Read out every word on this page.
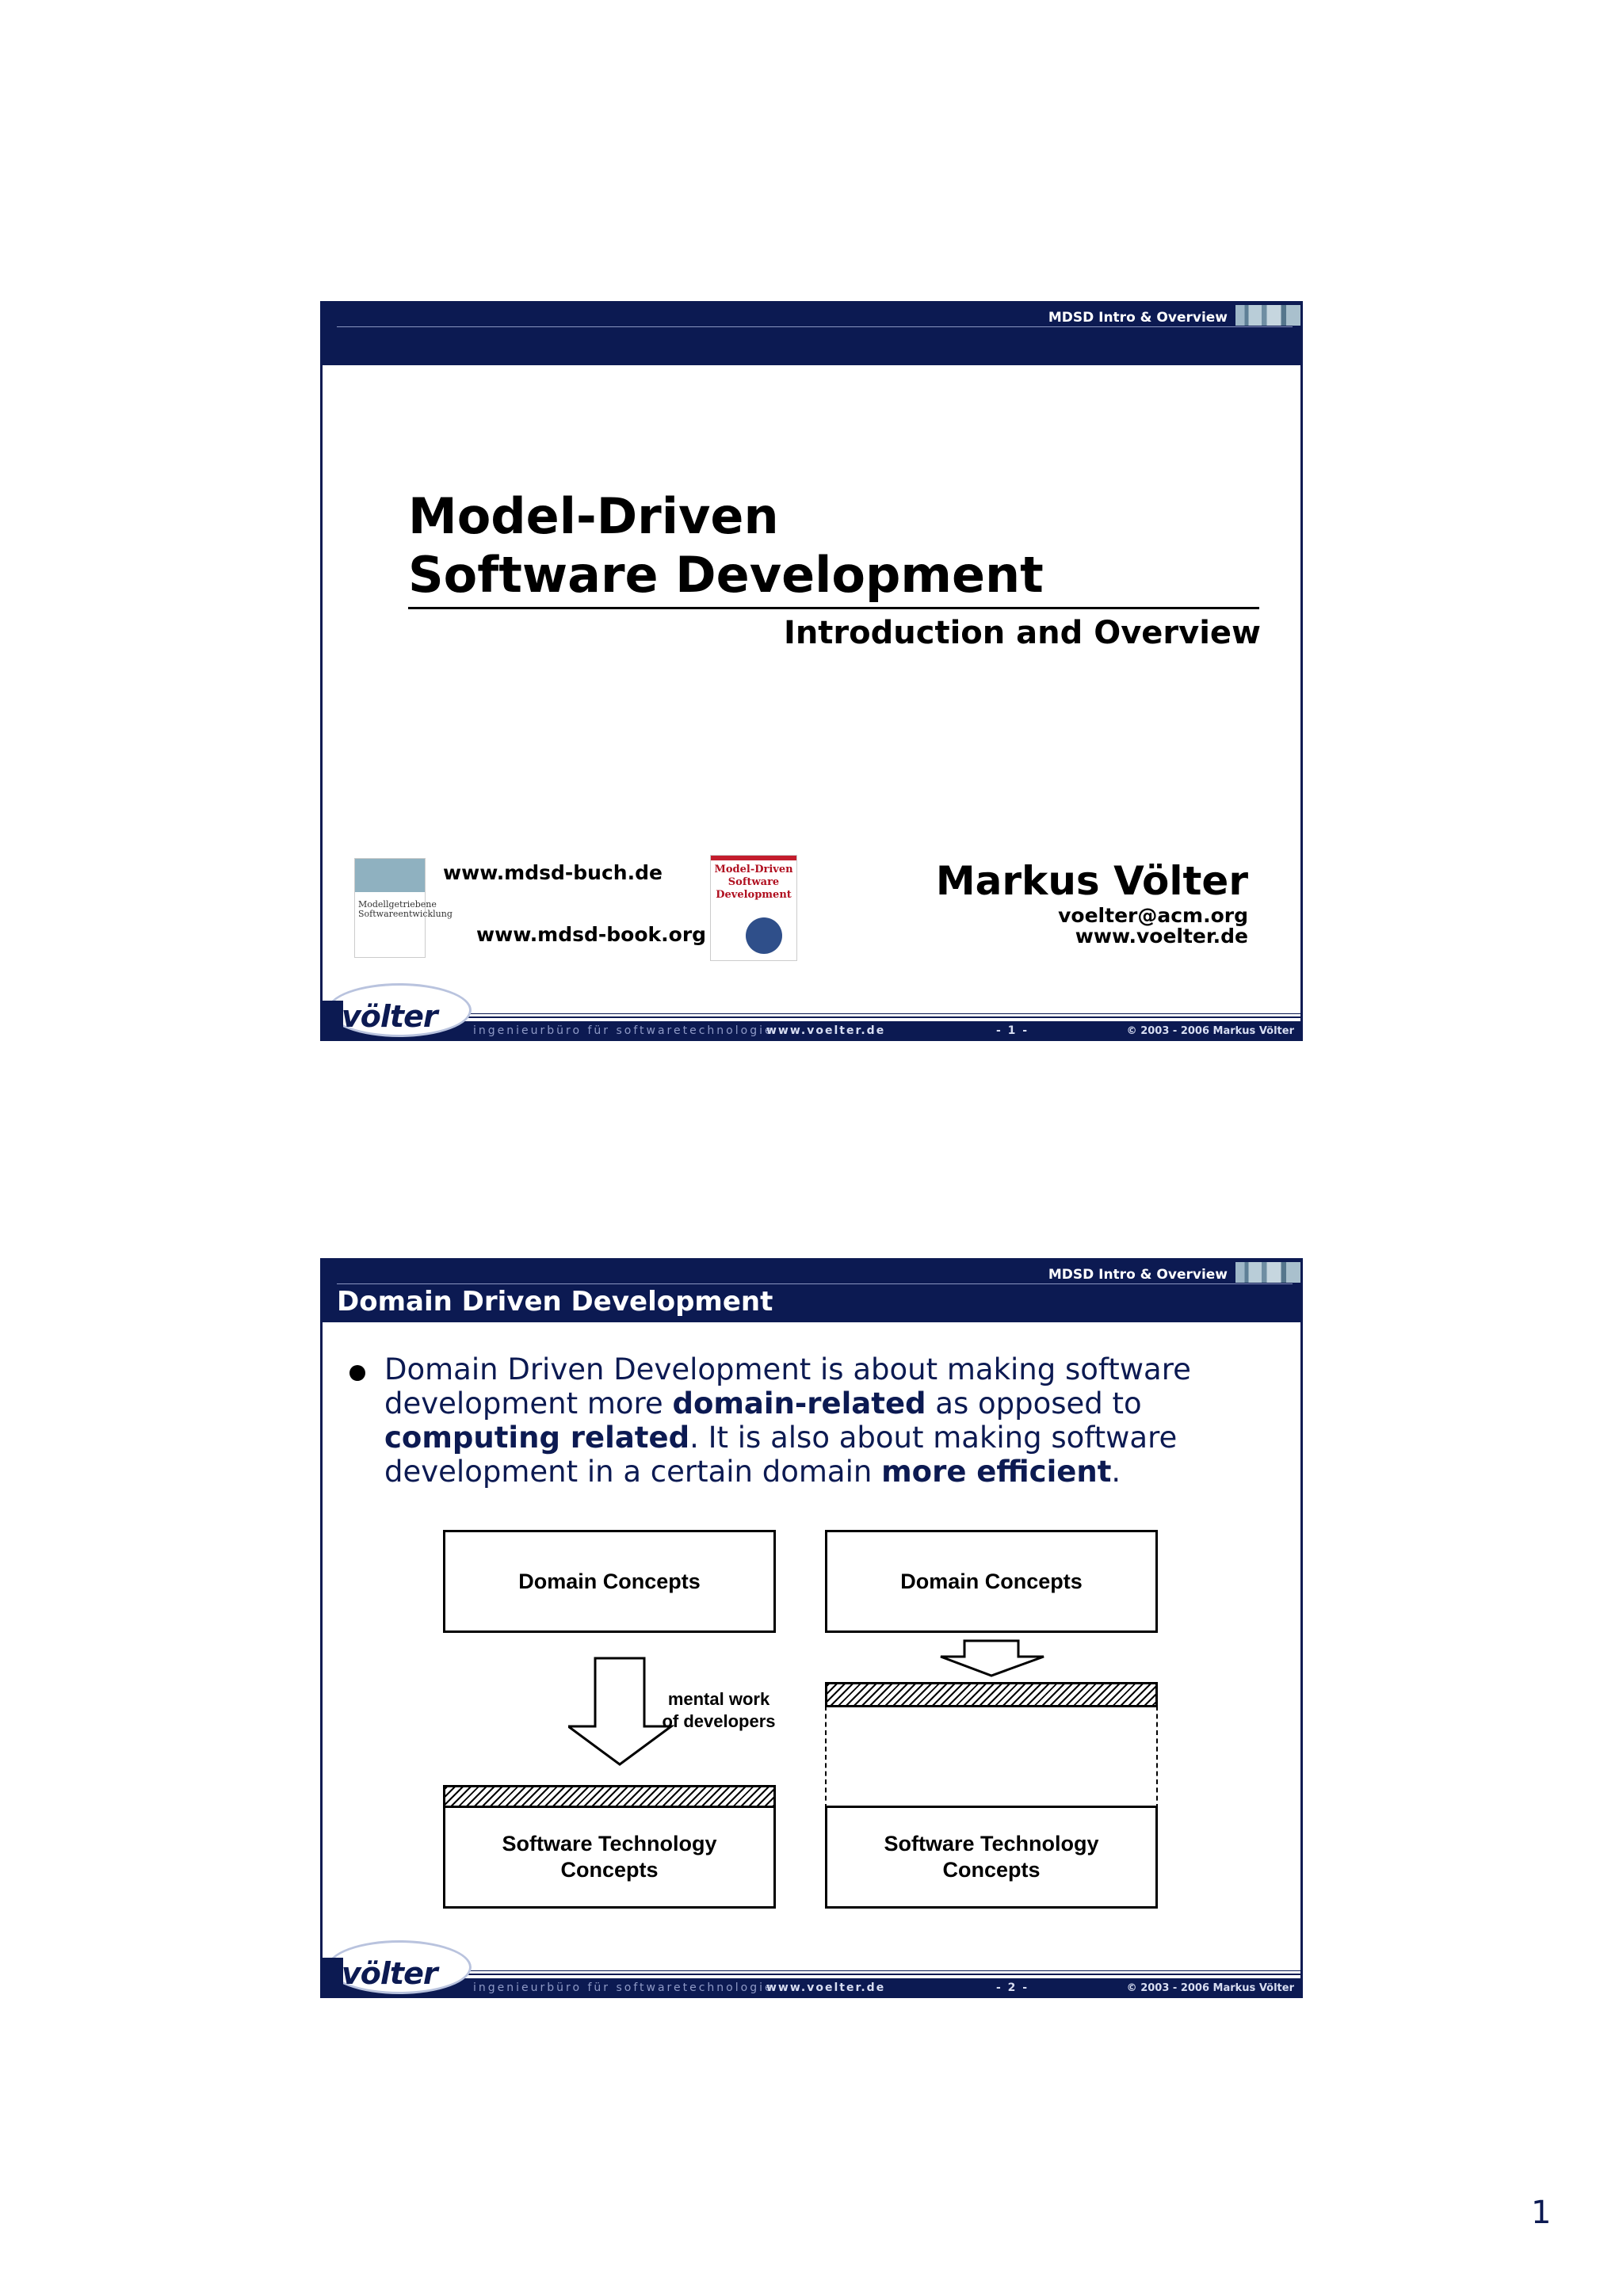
MDSD Intro & Overview
Model-Driven
Software Development
Introduction and Overview
Modellgetriebene Softwareentwicklung
www.mdsd-buch.de
www.mdsd-book.org
Model-Driven Software Development	Markus Völter
voelter@acm.org
www.voelter.de
völter	ingenieurbüro für softwaretechnologie
www.voelter.de	- 1 -	© 2003 - 2006 Markus Völter
MDSD Intro & Overview
Domain Driven Development
Domain Driven Development is about making software development more domain-related as opposed to computing related. It is also about making software development in a certain domain more efficient.
Domain Concepts	Domain Concepts
mental work
of developers
Software Technology
Concepts
Software Technology
Concepts
völter	ingenieurbüro für softwaretechnologie
www.voelter.de	- 2 -	© 2003 - 2006 Markus Völter
1
